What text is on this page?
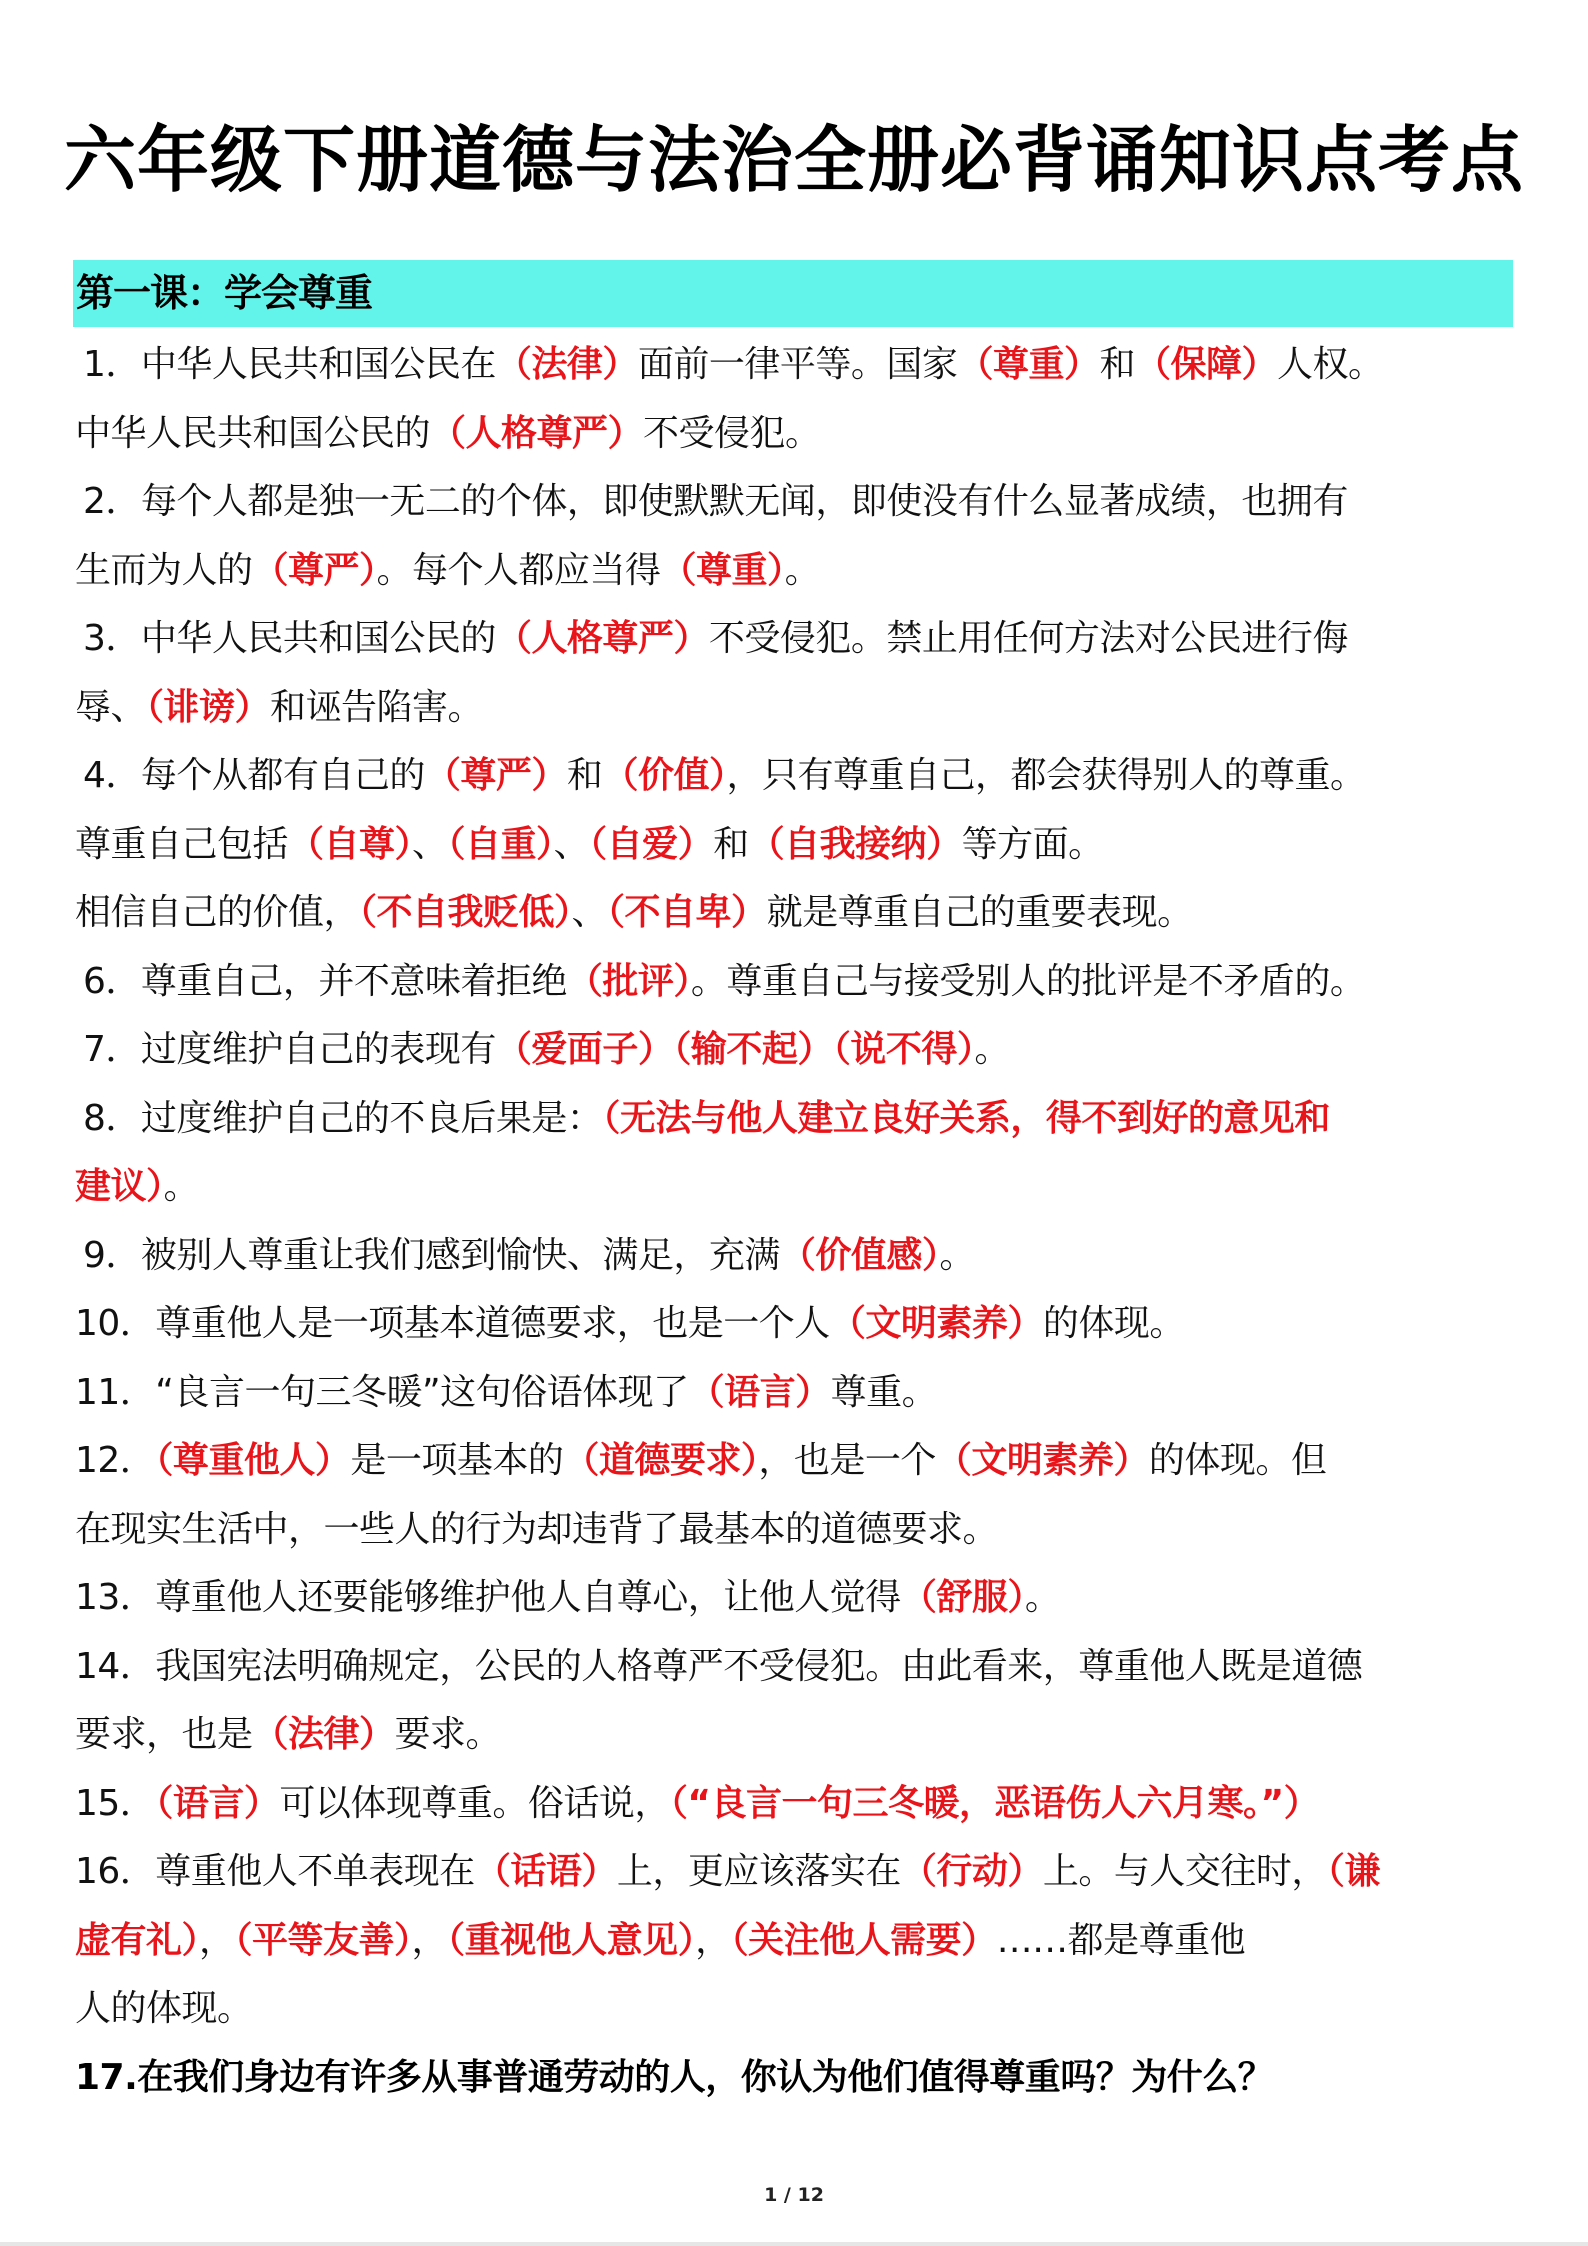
六年级下册道德与法治全册必背诵知识点考点
第一课：学会尊重
1．中华人民共和国公民在（法律）面前一律平等。国家（尊重）和（保障）人权。
中华人民共和国公民的（人格尊严）不受侵犯。
2．每个人都是独一无二的个体，即使默默无闻，即使没有什么显著成绩，也拥有
生而为人的（尊严）。每个人都应当得（尊重）。
3．中华人民共和国公民的（人格尊严）不受侵犯。禁止用任何方法对公民进行侮
辱、（诽谤）和诬告陷害。
4．每个从都有自己的（尊严）和（价值），只有尊重自己，都会获得别人的尊重。
尊重自己包括（自尊）、（自重）、（自爱）和（自我接纳）等方面。
相信自己的价值，（不自我贬低）、（不自卑）就是尊重自己的重要表现。
6．尊重自己，并不意味着拒绝（批评）。尊重自己与接受别人的批评是不矛盾的。
7．过度维护自己的表现有（爱面子）（输不起）（说不得）。
8．过度维护自己的不良后果是：（无法与他人建立良好关系，得不到好的意见和
建议）。
9．被别人尊重让我们感到愉快、满足，充满（价值感）。
10．尊重他人是一项基本道德要求，也是一个人（文明素养）的体现。
11．“良言一句三冬暖”这句俗语体现了（语言）尊重。
12．（尊重他人）是一项基本的（道德要求），也是一个（文明素养）的体现。但
在现实生活中，一些人的行为却违背了最基本的道德要求。
13．尊重他人还要能够维护他人自尊心，让他人觉得（舒服）。
14．我国宪法明确规定，公民的人格尊严不受侵犯。由此看来，尊重他人既是道德
要求，也是（法律）要求。
15．（语言）可以体现尊重。俗话说，（“良言一句三冬暖，恶语伤人六月寒。”）
16．尊重他人不单表现在（话语）上，更应该落实在（行动）上。与人交往时，（谦
虚有礼），（平等友善），（重视他人意见），（关注他人需要）……都是尊重他
人的体现。
17.在我们身边有许多从事普通劳动的人，你认为他们值得尊重吗？为什么？
1 / 12
